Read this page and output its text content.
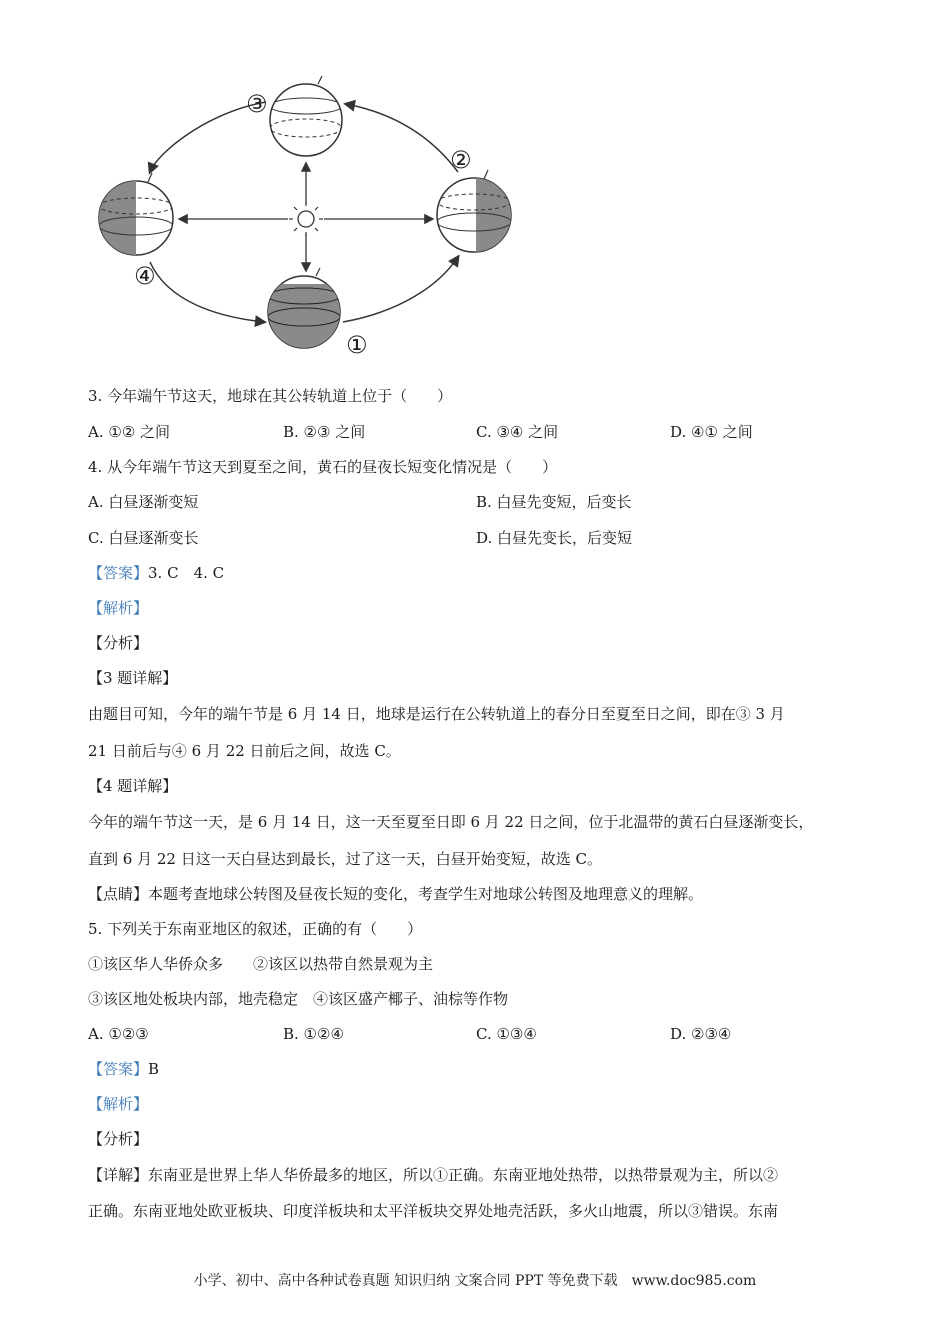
①
②
③
④
3. 今年端午节这天，地球在其公转轨道上位于（　　）
A. ①② 之间	B. ②③ 之间	C. ③④ 之间	D. ④① 之间
4. 从今年端午节这天到夏至之间，黄石的昼夜长短变化情况是（　　）
A. 白昼逐渐变短	B. 白昼先变短，后变长
C. 白昼逐渐变长	D. 白昼先变长，后变短
【答案】3. C　4. C
【解析】
【分析】
【3 题详解】
由题目可知，今年的端午节是 6 月 14 日，地球是运行在公转轨道上的春分日至夏至日之间，即在③ 3 月
21 日前后与④ 6 月 22 日前后之间，故选 C。
【4 题详解】
今年的端午节这一天，是 6 月 14 日，这一天至夏至日即 6 月 22 日之间，位于北温带的黄石白昼逐渐变长，
直到 6 月 22 日这一天白昼达到最长，过了这一天，白昼开始变短，故选 C。
【点睛】本题考查地球公转图及昼夜长短的变化，考查学生对地球公转图及地理意义的理解。
5. 下列关于东南亚地区的叙述，正确的有（　　）
①该区华人华侨众多　　②该区以热带自然景观为主
③该区地处板块内部，地壳稳定　④该区盛产椰子、油棕等作物
A. ①②③	B. ①②④	C. ①③④	D. ②③④
【答案】B
【解析】
【分析】
【详解】东南亚是世界上华人华侨最多的地区，所以①正确。东南亚地处热带，以热带景观为主，所以②
正确。东南亚地处欧亚板块、印度洋板块和太平洋板块交界处地壳活跃，多火山地震，所以③错误。东南
小学、初中、高中各种试卷真题 知识归纳 文案合同 PPT 等免费下载　www.doc985.com
